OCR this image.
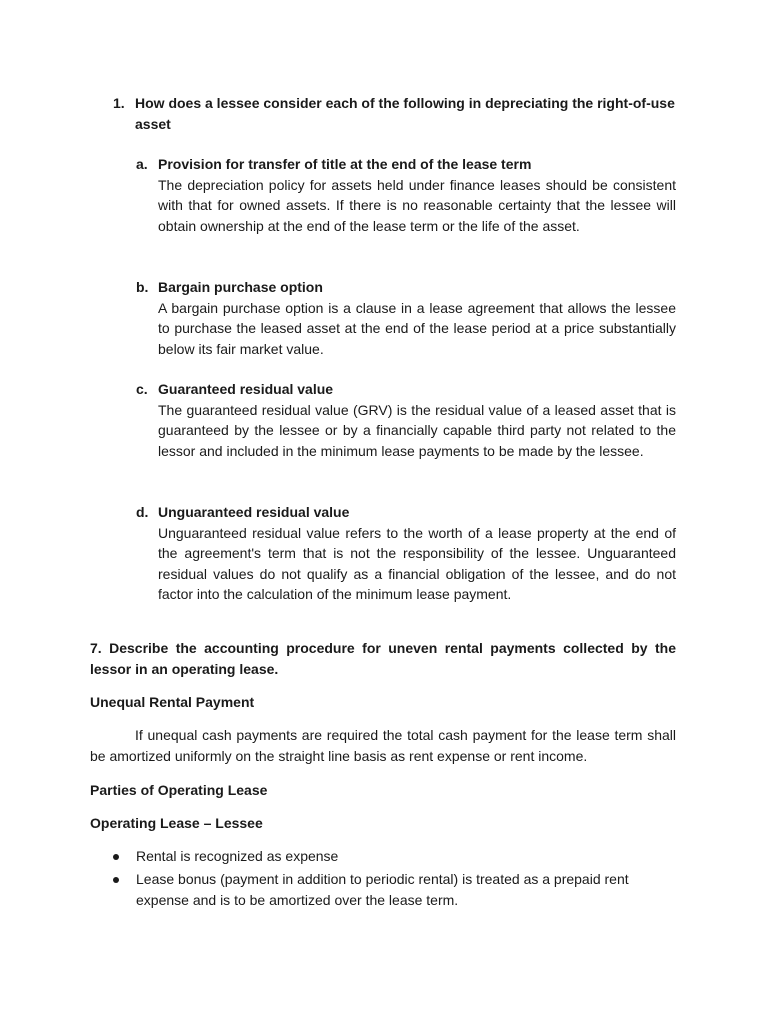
1. How does a lessee consider each of the following in depreciating the right-of-use asset
a. Provision for transfer of title at the end of the lease term
The depreciation policy for assets held under finance leases should be consistent with that for owned assets. If there is no reasonable certainty that the lessee will obtain ownership at the end of the lease term or the life of the asset.
b. Bargain purchase option
A bargain purchase option is a clause in a lease agreement that allows the lessee to purchase the leased asset at the end of the lease period at a price substantially below its fair market value.
c. Guaranteed residual value
The guaranteed residual value (GRV) is the residual value of a leased asset that is guaranteed by the lessee or by a financially capable third party not related to the lessor and included in the minimum lease payments to be made by the lessee.
d. Unguaranteed residual value
Unguaranteed residual value refers to the worth of a lease property at the end of the agreement's term that is not the responsibility of the lessee. Unguaranteed residual values do not qualify as a financial obligation of the lessee, and do not factor into the calculation of the minimum lease payment.
7. Describe the accounting procedure for uneven rental payments collected by the lessor in an operating lease.
Unequal Rental Payment
If unequal cash payments are required the total cash payment for the lease term shall be amortized uniformly on the straight line basis as rent expense or rent income.
Parties of Operating Lease
Operating Lease – Lessee
Rental is recognized as expense
Lease bonus (payment in addition to periodic rental) is treated as a prepaid rent expense and is to be amortized over the lease term.
